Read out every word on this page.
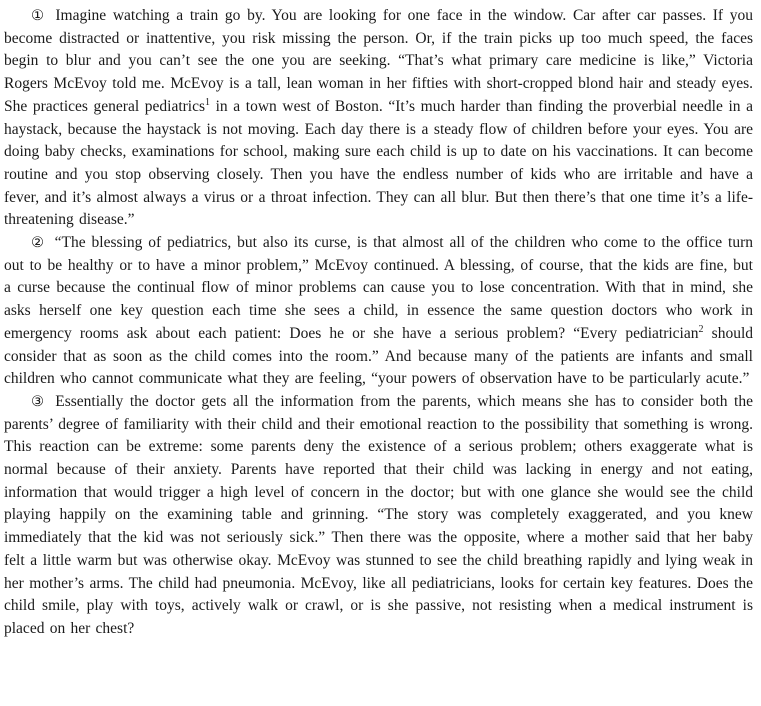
① Imagine watching a train go by. You are looking for one face in the window. Car after car passes. If you become distracted or inattentive, you risk missing the person. Or, if the train picks up too much speed, the faces begin to blur and you can’t see the one you are seeking. “That’s what primary care medicine is like,” Victoria Rogers McEvoy told me. McEvoy is a tall, lean woman in her fifties with short-cropped blond hair and steady eyes. She practices general pediatrics$^1$ in a town west of Boston. “It’s much harder than finding the proverbial needle in a haystack, because the haystack is not moving. Each day there is a steady flow of children before your eyes. You are doing baby checks, examinations for school, making sure each child is up to date on his vaccinations. It can become routine and you stop observing closely. Then you have the endless number of kids who are irritable and have a fever, and it’s almost always a virus or a throat infection. They can all blur. But then there’s that one time it’s a life-threatening disease.”

② “The blessing of pediatrics, but also its curse, is that almost all of the children who come to the office turn out to be healthy or to have a minor problem,” McEvoy continued. A blessing, of course, that the kids are fine, but a curse because the continual flow of minor problems can cause you to lose concentration. With that in mind, she asks herself one key question each time she sees a child, in essence the same question doctors who work in emergency rooms ask about each patient: Does he or she have a serious problem? “Every pediatrician$^2$ should consider that as soon as the child comes into the room.” And because many of the patients are infants and small children who cannot communicate what they are feeling, “your powers of observation have to be particularly acute.”

③ Essentially the doctor gets all the information from the parents, which means she has to consider both the parents’ degree of familiarity with their child and their emotional reaction to the possibility that something is wrong. This reaction can be extreme: some parents deny the existence of a serious problem; others exaggerate what is normal because of their anxiety. Parents have reported that their child was lacking in energy and not eating, information that would trigger a high level of concern in the doctor; but with one glance she would see the child playing happily on the examining table and grinning. “The story was completely exaggerated, and you knew immediately that the kid was not seriously sick.” Then there was the opposite, where a mother said that her baby felt a little warm but was otherwise okay. McEvoy was stunned to see the child breathing rapidly and lying weak in her mother’s arms. The child had pneumonia. McEvoy, like all pediatricians, looks for certain key features. Does the child smile, play with toys, actively walk or crawl, or is she passive, not resisting when a medical instrument is placed on her chest?
